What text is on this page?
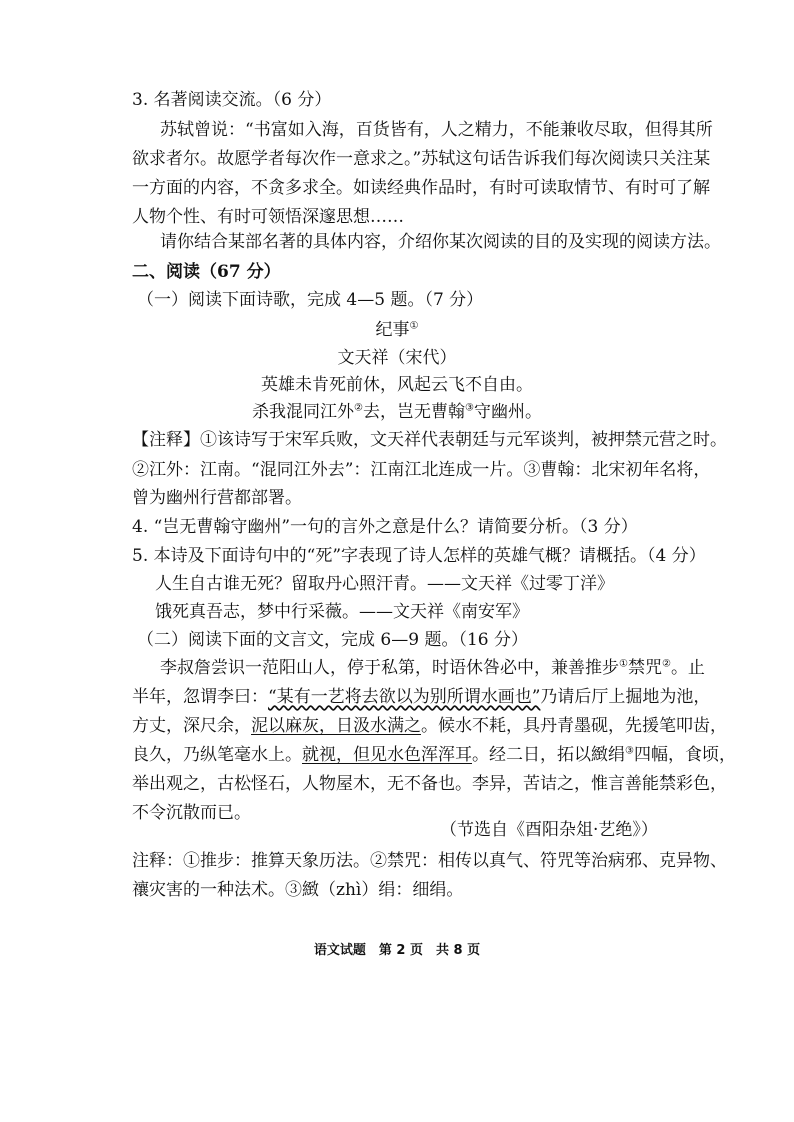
3. 名著阅读交流。（6 分）
苏轼曾说：“书富如入海，百货皆有，人之精力，不能兼收尽取，但得其所
欲求者尔。故愿学者每次作一意求之。”苏轼这句话告诉我们每次阅读只关注某
一方面的内容，不贪多求全。如读经典作品时，有时可读取情节、有时可了解
人物个性、有时可领悟深邃思想……
请你结合某部名著的具体内容，介绍你某次阅读的目的及实现的阅读方法。
二、阅读（67 分）
（一）阅读下面诗歌，完成 4—5 题。（7 分）
纪事①
文天祥（宋代）
英雄未肯死前休，风起云飞不自由。
杀我混同江外②去，岂无曹翰③守幽州。
【注释】①该诗写于宋军兵败，文天祥代表朝廷与元军谈判，被押禁元营之时。
②江外：江南。“混同江外去”：江南江北连成一片。③曹翰：北宋初年名将，
曾为幽州行营都部署。
4. “岂无曹翰守幽州”一句的言外之意是什么？请简要分析。（3 分）
5. 本诗及下面诗句中的“死”字表现了诗人怎样的英雄气概？请概括。（4 分）
人生自古谁无死？留取丹心照汗青。——文天祥《过零丁洋》
饿死真吾志，梦中行采薇。——文天祥《南安军》
（二）阅读下面的文言文，完成 6—9 题。（16 分）
李叔詹尝识一范阳山人，停于私第，时语休咎必中，兼善推步①禁咒②。止
半年，忽谓李曰：“某有一艺将去欲以为别所谓水画也”乃请后厅上掘地为池，
方丈，深尺余，泥以麻灰，日汲水满之。候水不耗，具丹青墨砚，先援笔叩齿，
良久，乃纵笔毫水上。就视，但见水色浑浑耳。经二日，拓以緻绢③四幅，食顷，
举出观之，古松怪石，人物屋木，无不备也。李异，苦诘之，惟言善能禁彩色，
不令沉散而已。
（节选自《酉阳杂俎·艺绝》）
注释：①推步：推算天象历法。②禁咒：相传以真气、符咒等治病邪、克异物、
禳灾害的一种法术。③緻（zhì）绢：细绢。
语文试题　第 2 页　共 8 页
